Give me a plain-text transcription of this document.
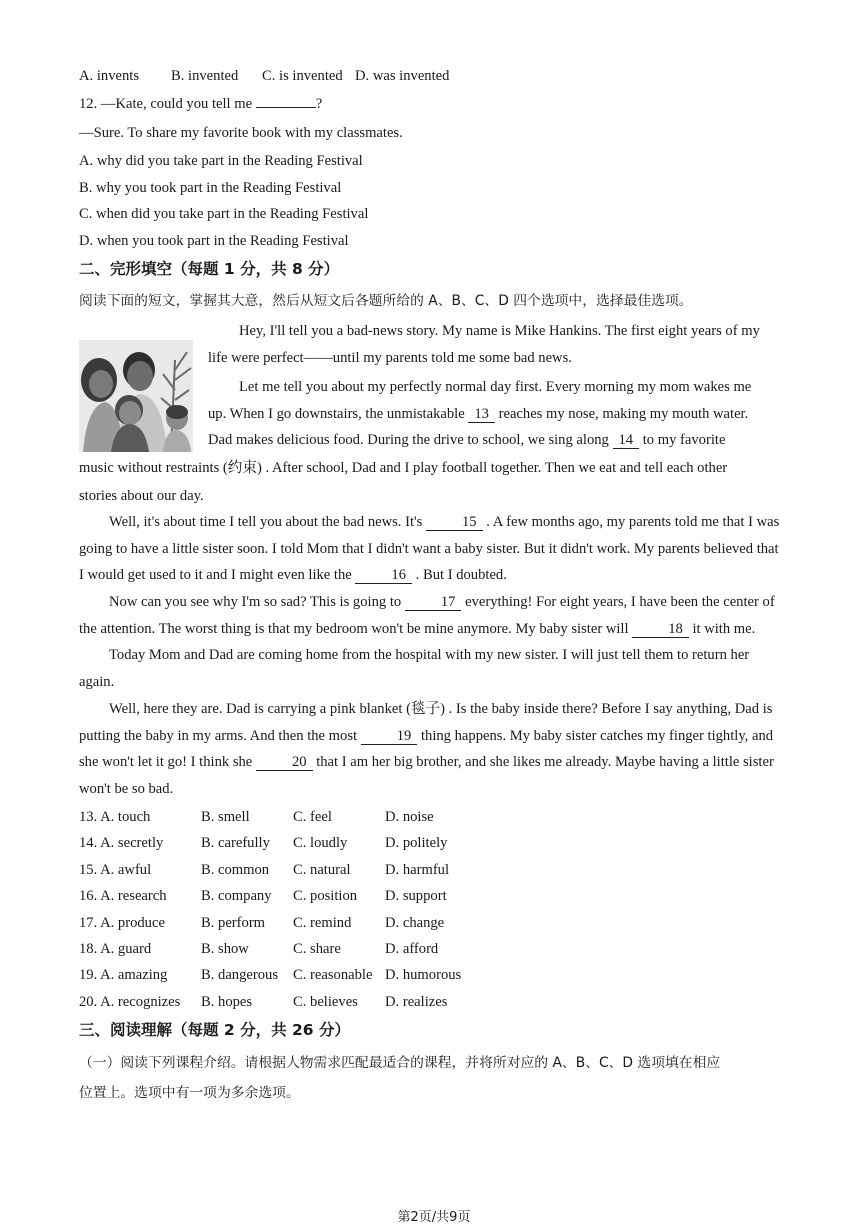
A. invents B. invented C. is invented D. was invented
12. —Kate, could you tell me	?
—Sure. To share my favorite book with my classmates.
A. why did you take part in the Reading Festival
B. why you took part in the Reading Festival
C. when did you take part in the Reading Festival
D. when you took part in the Reading Festival
二、完形填空（每题 1 分，共 8 分）
阅读下面的短文，掌握其大意，然后从短文后各题所给的 A、B、C、D 四个选项中，选择最佳选项。
Hey, I'll tell you a bad-news story. My name is Mike Hankins. The first eight years of my
life were perfect——until my parents told me some bad news.
Let me tell you about my perfectly normal day first. Every morning my mom wakes me
up. When I go downstairs, the unmistakable 13 reaches my nose, making my mouth water.
Dad makes delicious food. During the drive to school, we sing along 14 to my favorite
music without restraints (约束) . After school, Dad and I play football together. Then we eat and tell each other
stories about our day.
Well, it's about time I tell you about the bad news. It's	15 . A few months ago, my parents told me that I was going to have a little sister soon. I told Mom that I didn't want a baby sister. But it didn't work. My parents believed that I would get used to it and I might even like the	16 . But I doubted.
Now can you see why I'm so sad? This is going to	17 everything! For eight years, I have been the center of the attention. The worst thing is that my bedroom won't be mine anymore. My baby sister will	18 it with me.
Today Mom and Dad are coming home from the hospital with my new sister. I will just tell them to return her again.
Well, here they are. Dad is carrying a pink blanket (毯子) . Is the baby inside there? Before I say anything, Dad is putting the baby in my arms. And then the most	19 thing happens. My baby sister catches my finger tightly, and she won't let it go! I think she	20 that I am her big brother, and she likes me already. Maybe having a little sister won't be so bad.
13. A. touch	B. smell	C. feel	D. noise
14. A. secretly	B. carefully C. loudly	D. politely
15. A. awful	B. common C. natural D. harmful
16. A. research B. company C. position D. support
17. A. produce B. perform C. remind D. change
18. A. guard	B. show	C. share	D. afford
19. A. amazing B. dangerous C. reasonable D. humorous
20. A. recognizes B. hopes	C. believes D. realizes
三、阅读理解（每题 2 分，共 26 分）
（一）阅读下列课程介绍。请根据人物需求匹配最适合的课程，并将所对应的 A、B、C、D 选项填在相应
位置上。选项中有一项为多余选项。
第2页/共9页
